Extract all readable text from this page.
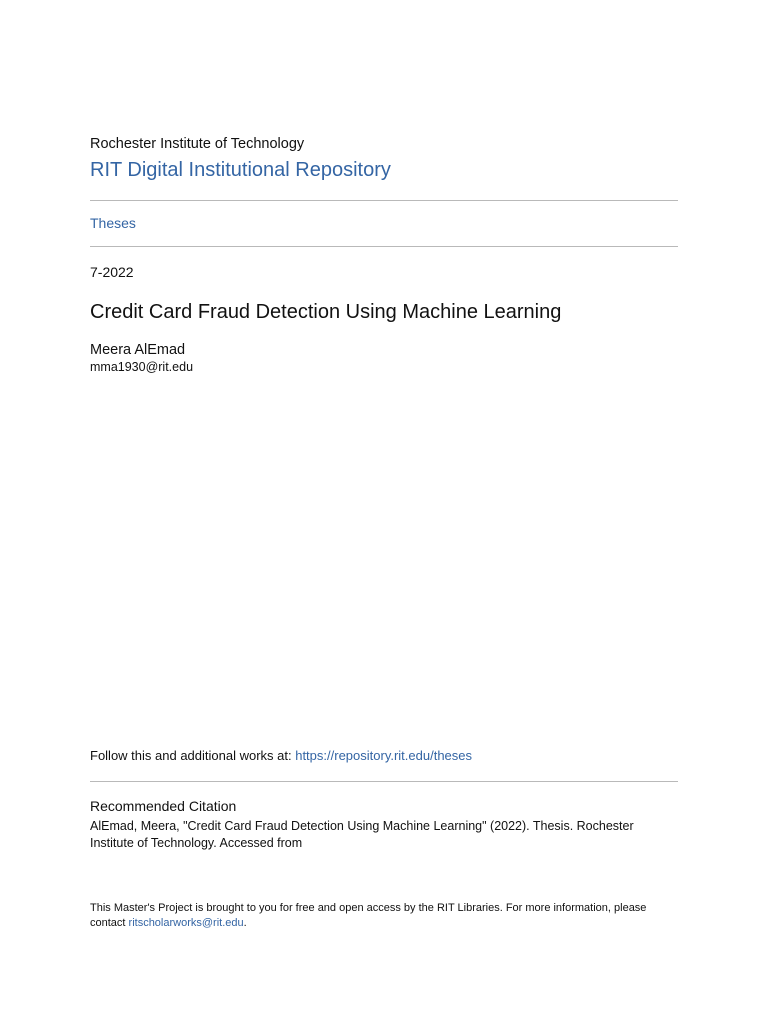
Rochester Institute of Technology
RIT Digital Institutional Repository
Theses
7-2022
Credit Card Fraud Detection Using Machine Learning
Meera AlEmad
mma1930@rit.edu
Follow this and additional works at: https://repository.rit.edu/theses
Recommended Citation
AlEmad, Meera, "Credit Card Fraud Detection Using Machine Learning" (2022). Thesis. Rochester Institute of Technology. Accessed from
This Master's Project is brought to you for free and open access by the RIT Libraries. For more information, please contact ritscholarworks@rit.edu.
